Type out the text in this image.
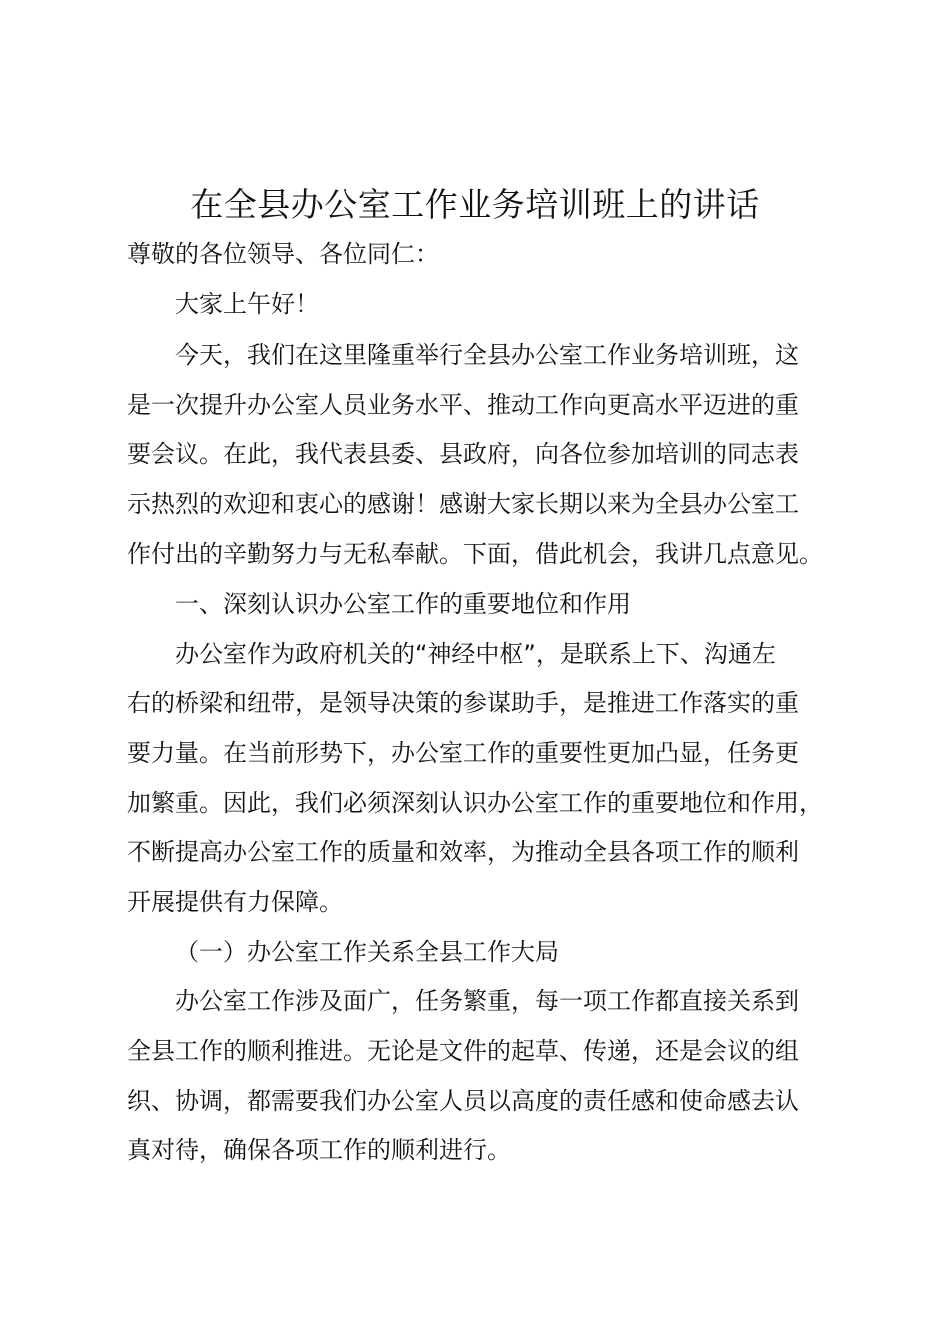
在全县办公室工作业务培训班上的讲话
尊敬的各位领导、各位同仁：
大家上午好！
今天，我们在这里隆重举行全县办公室工作业务培训班，这
是一次提升办公室人员业务水平、推动工作向更高水平迈进的重
要会议。在此，我代表县委、县政府，向各位参加培训的同志表
示热烈的欢迎和衷心的感谢！感谢大家长期以来为全县办公室工
作付出的辛勤努力与无私奉献。下面，借此机会，我讲几点意见。
一、深刻认识办公室工作的重要地位和作用
办公室作为政府机关的“神经中枢”，是联系上下、沟通左
右的桥梁和纽带，是领导决策的参谋助手，是推进工作落实的重
要力量。在当前形势下，办公室工作的重要性更加凸显，任务更
加繁重。因此，我们必须深刻认识办公室工作的重要地位和作用，
不断提高办公室工作的质量和效率，为推动全县各项工作的顺利
开展提供有力保障。
（一）办公室工作关系全县工作大局
办公室工作涉及面广，任务繁重，每一项工作都直接关系到
全县工作的顺利推进。无论是文件的起草、传递，还是会议的组
织、协调，都需要我们办公室人员以高度的责任感和使命感去认
真对待，确保各项工作的顺利进行。
